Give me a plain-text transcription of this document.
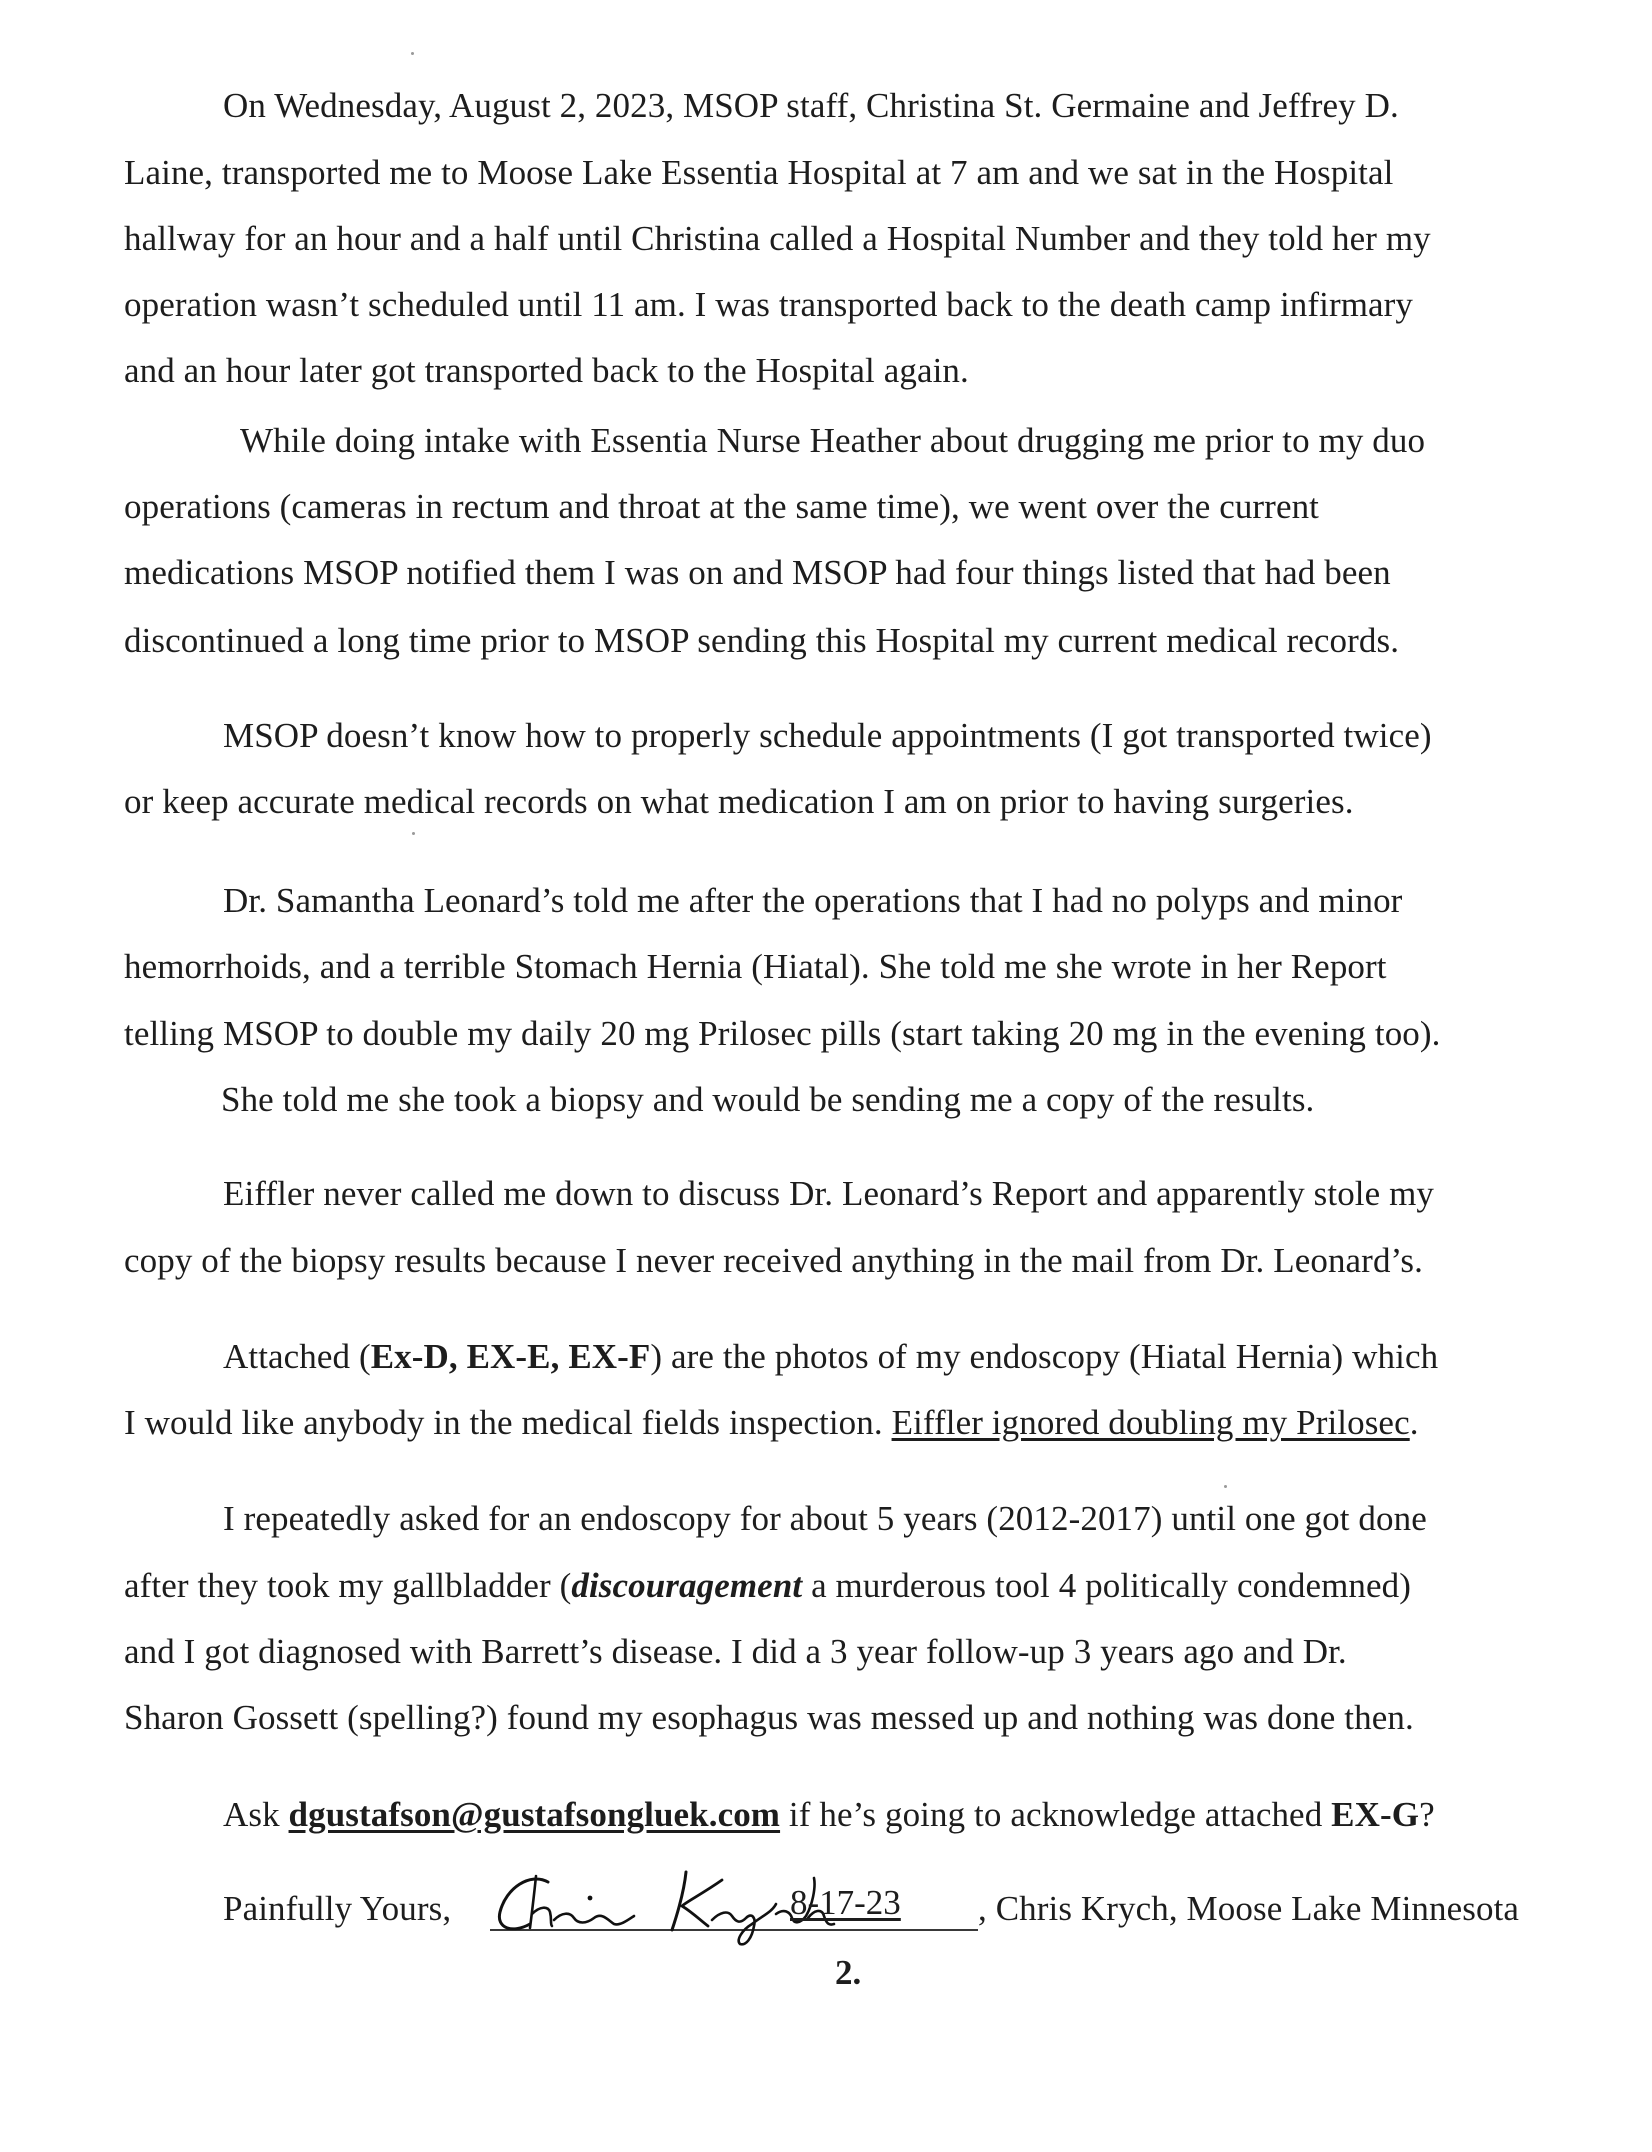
On Wednesday, August 2, 2023, MSOP staff, Christina St. Germaine and Jeffrey D.

Laine, transported me to Moose Lake Essentia Hospital at 7 am and we sat in the Hospital

hallway for an hour and a half until Christina called a Hospital Number and they told her my

operation wasn’t scheduled until 11 am. I was transported back to the death camp infirmary

and an hour later got transported back to the Hospital again.

While doing intake with Essentia Nurse Heather about drugging me prior to my duo

operations (cameras in rectum and throat at the same time), we went over the current

medications MSOP notified them I was on and MSOP had four things listed that had been

discontinued a long time prior to MSOP sending this Hospital my current medical records.

MSOP doesn’t know how to properly schedule appointments (I got transported twice)

or keep accurate medical records on what medication I am on prior to having surgeries.

Dr. Samantha Leonard’s told me after the operations that I had no polyps and minor

hemorrhoids, and a terrible Stomach Hernia (Hiatal). She told me she wrote in her Report

telling MSOP to double my daily 20 mg Prilosec pills (start taking 20 mg in the evening too).

She told me she took a biopsy and would be sending me a copy of the results.

Eiffler never called me down to discuss Dr. Leonard’s Report and apparently stole my

copy of the biopsy results because I never received anything in the mail from Dr. Leonard’s.

Attached (Ex-D, EX-E, EX-F) are the photos of my endoscopy (Hiatal Hernia) which

I would like anybody in the medical fields inspection. Eiffler ignored doubling my Prilosec.

I repeatedly asked for an endoscopy for about 5 years (2012-2017) until one got done

after they took my gallbladder (discouragement a murderous tool 4 politically condemned)

and I got diagnosed with Barrett’s disease. I did a 3 year follow-up 3 years ago and Dr.

Sharon Gossett (spelling?) found my esophagus was messed up and nothing was done then.

Ask dgustafson@gustafsongluek.com if he’s going to acknowledge attached EX-G?

Painfully Yours,	8-17-23 , Chris Krych, Moose Lake Minnesota

2.
